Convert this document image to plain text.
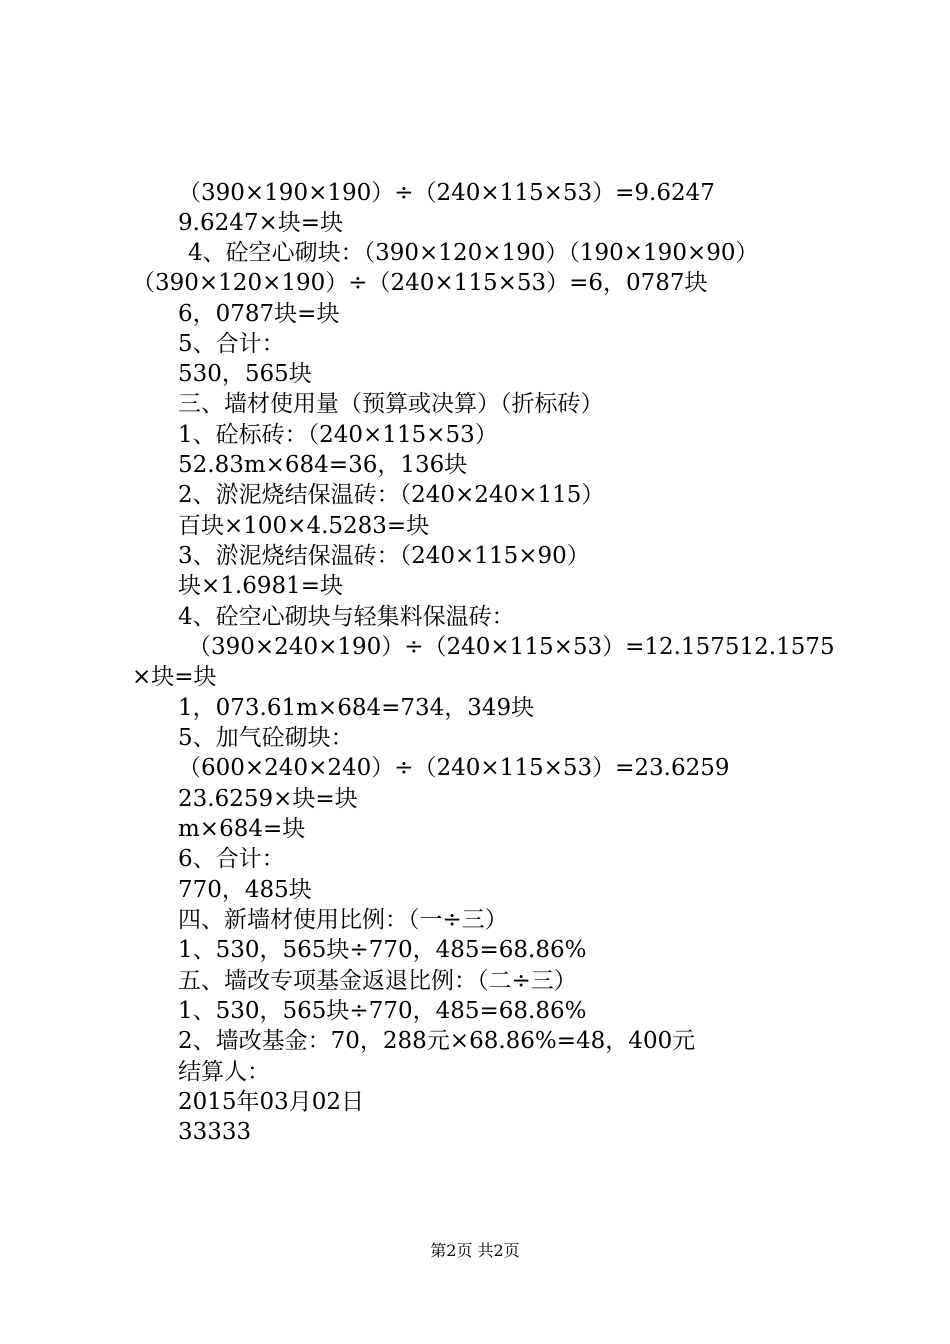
（390×190×190）÷（240×115×53）=9.6247
9.6247×块=块
4、砼空心砌块：（390×120×190）（190×190×90）
（390×120×190）÷（240×115×53）=6，0787块
6，0787块=块
5、合计：
530，565块
三、墙材使用量（预算或决算）（折标砖）
1、砼标砖：（240×115×53）
52.83m×684=36，136块
2、淤泥烧结保温砖：（240×240×115）
百块×100×4.5283=块
3、淤泥烧结保温砖：（240×115×90）
块×1.6981=块
4、砼空心砌块与轻集料保温砖：
（390×240×190）÷（240×115×53）=12.157512.1575
×块=块
1，073.61m×684=734，349块
5、加气砼砌块：
（600×240×240）÷（240×115×53）=23.6259
23.6259×块=块
m×684=块
6、合计：
770，485块
四、新墙材使用比例：（一÷三）
1、530，565块÷770，485=68.86%
五、墙改专项基金返退比例：（二÷三）
1、530，565块÷770，485=68.86%
2、墙改基金：70，288元×68.86%=48，400元
结算人：
2015年03月02日
33333
第2页 共2页
